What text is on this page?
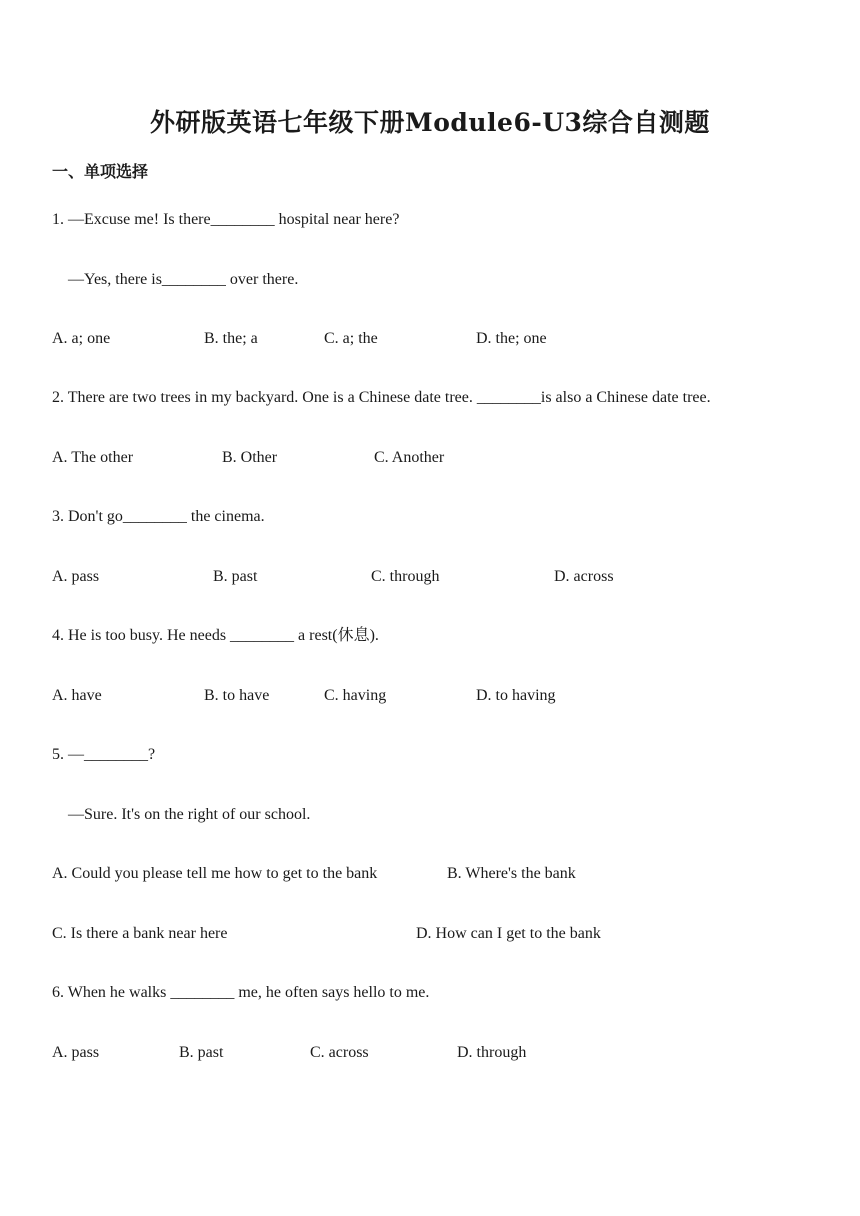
外研版英语七年级下册Module6-U3综合自测题
一、单项选择
1. —Excuse me! Is there________ hospital near here?
—Yes, there is________ over there.
A. a; one	B. the; a	C. a; the	D. the; one
2. There are two trees in my backyard. One is a Chinese date tree. ________is also a Chinese date tree.
A. The other	B. Other	C. Another
3. Don't go________ the cinema.
A. pass	B. past	C. through	D. across
4. He is too busy. He needs ________ a rest(休息).
A. have	B. to have	C. having	D. to having
5. —________?
—Sure. It's on the right of our school.
A. Could you please tell me how to get to the bank	B. Where's the bank
C. Is there a bank near here	D. How can I get to the bank
6. When he walks ________ me, he often says hello to me.
A. pass	B. past	C. across	D. through
